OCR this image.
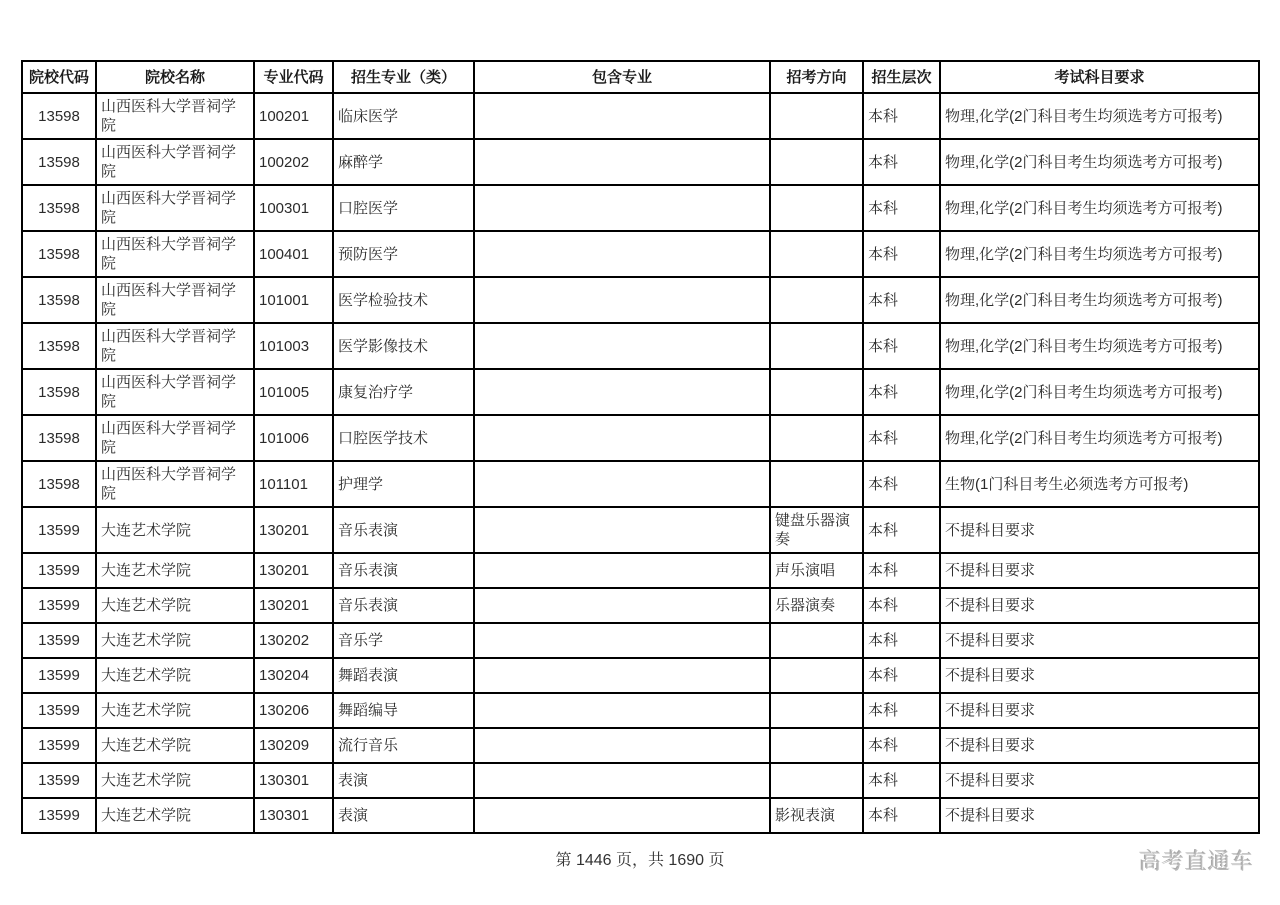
院校代码	院校名称	专业代码	招生专业（类）	包含专业	招考方向	招生层次	考试科目要求
13598	山西医科大学晋祠学院	100201	临床医学			本科	物理,化学(2门科目考生均须选考方可报考)
13598	山西医科大学晋祠学院	100202	麻醉学			本科	物理,化学(2门科目考生均须选考方可报考)
13598	山西医科大学晋祠学院	100301	口腔医学			本科	物理,化学(2门科目考生均须选考方可报考)
13598	山西医科大学晋祠学院	100401	预防医学			本科	物理,化学(2门科目考生均须选考方可报考)
13598	山西医科大学晋祠学院	101001	医学检验技术			本科	物理,化学(2门科目考生均须选考方可报考)
13598	山西医科大学晋祠学院	101003	医学影像技术			本科	物理,化学(2门科目考生均须选考方可报考)
13598	山西医科大学晋祠学院	101005	康复治疗学			本科	物理,化学(2门科目考生均须选考方可报考)
13598	山西医科大学晋祠学院	101006	口腔医学技术			本科	物理,化学(2门科目考生均须选考方可报考)
13598	山西医科大学晋祠学院	101101	护理学			本科	生物(1门科目考生必须选考方可报考)
13599	大连艺术学院	130201	音乐表演		键盘乐器演奏	本科	不提科目要求
13599	大连艺术学院	130201	音乐表演		声乐演唱	本科	不提科目要求
13599	大连艺术学院	130201	音乐表演		乐器演奏	本科	不提科目要求
13599	大连艺术学院	130202	音乐学			本科	不提科目要求
13599	大连艺术学院	130204	舞蹈表演			本科	不提科目要求
13599	大连艺术学院	130206	舞蹈编导			本科	不提科目要求
13599	大连艺术学院	130209	流行音乐			本科	不提科目要求
13599	大连艺术学院	130301	表演			本科	不提科目要求
13599	大连艺术学院	130301	表演		影视表演	本科	不提科目要求
第 1446 页，共 1690 页	高考直通车
